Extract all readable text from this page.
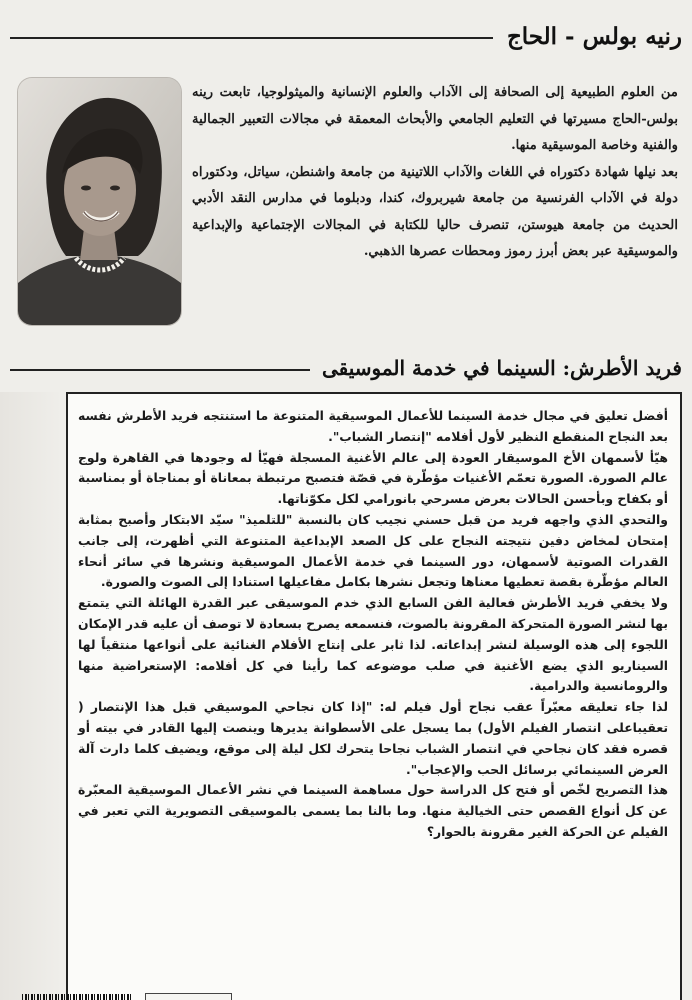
رنيه بولس - الحاج

من العلوم الطبيعية إلى الصحافة إلى الآداب والعلوم الإنسانية والميثولوجيا، تابعت رينه بولس-الحاج مسيرتها في التعليم الجامعي والأبحاث المعمقة في مجالات التعبير الجمالية والفنية وخاصة الموسيقية منها.

بعد نيلها شهادة دكتوراه في اللغات والآداب اللاتينية من جامعة واشنطن، سياتل، ودكتوراه دولة في الآداب الفرنسية من جامعة شيربروك، كندا، ودبلوما في مدارس النقد الأدبي الحديث من جامعة هيوستن، تنصرف حاليا للكتابة في المجالات الإجتماعية والإبداعية والموسيقية عبر بعض أبرز رموز ومحطات عصرها الذهبي.

فريد الأطرش: السينما في خدمة الموسيقى

أفضل تعليق في مجال خدمة السينما للأعمال الموسيقية المتنوعة ما استنتجه فريد الأطرش نفسه بعد النجاح المنقطع النظير لأول أفلامه "إنتصار الشباب".

هيّأ لأسمهان الأخ الموسيقار العودة إلى عالم الأغنية المسجلة فهيّأ له وجودها في القاهرة ولوج عالم الصورة. الصورة تعمّم الأغنيات مؤطّرة في قصّة فتصبح مرتبطة بمعاناة أو بمناجاة أو بمناسبة أو بكفاح وبأحسن الحالات بعرض مسرحي بانورامي لكل مكوّناتها.

والتحدي الذي واجهه فريد من قبل حسني نجيب كان بالنسبة "للتلميذ" سيّد الابتكار وأصبح بمثابة إمتحان لمخاض دفين نتيجته النجاح على كل الصعد الإبداعية المتنوعة التي أظهرت، إلى جانب القدرات الصوتية لأسمهان، دور السينما في خدمة الأعمال الموسيقية ونشرها في سائر أنحاء العالم مؤطّرة بقصة تعطيها معناها وتجعل نشرها بكامل مفاعيلها استنادا إلى الصوت والصورة.

ولا يخفي فريد الأطرش فعالية الفن السابع الذي خدم الموسيقى عبر القدرة الهائلة التي يتمتع بها لنشر الصورة المتحركة المقرونة بالصوت، فنسمعه يصرح بسعادة لا توصف أن عليه قدر الإمكان اللجوء إلى هذه الوسيلة لنشر إبداعاته. لذا ثابر على إنتاج الأفلام الغنائية على أنواعها منتقياً لها السيناريو الذي يضع الأغنية في صلب موضوعه كما رأينا في كل أفلامه: الإستعراضية منها والرومانسية والدرامية.

لذا جاء تعليقه معبّراً عقب نجاح أول فيلم له: "إذا كان نجاحي الموسيقي قبل هذا الإنتصار ( تعقيباعلى انتصار الفيلم الأول) بما يسجل على الأسطوانة يديرها وينصت إليها القادر في بيته أو قصره فقد كان نجاحي في انتصار الشباب نجاحا يتحرك لكل ليلة إلى موقع، ويضيف كلما دارت آلة العرض السينمائي برسائل الحب والإعجاب".

هذا التصريح لخّص أو فتح كل الدراسة حول مساهمة السينما في نشر الأعمال الموسيقية المعبّرة عن كل أنواع القصص حتى الخيالية منها. وما بالنا بما يسمى بالموسيقى التصويرية التي تعبر في الفيلم عن الحركة الغير مقرونة بالحوار؟
